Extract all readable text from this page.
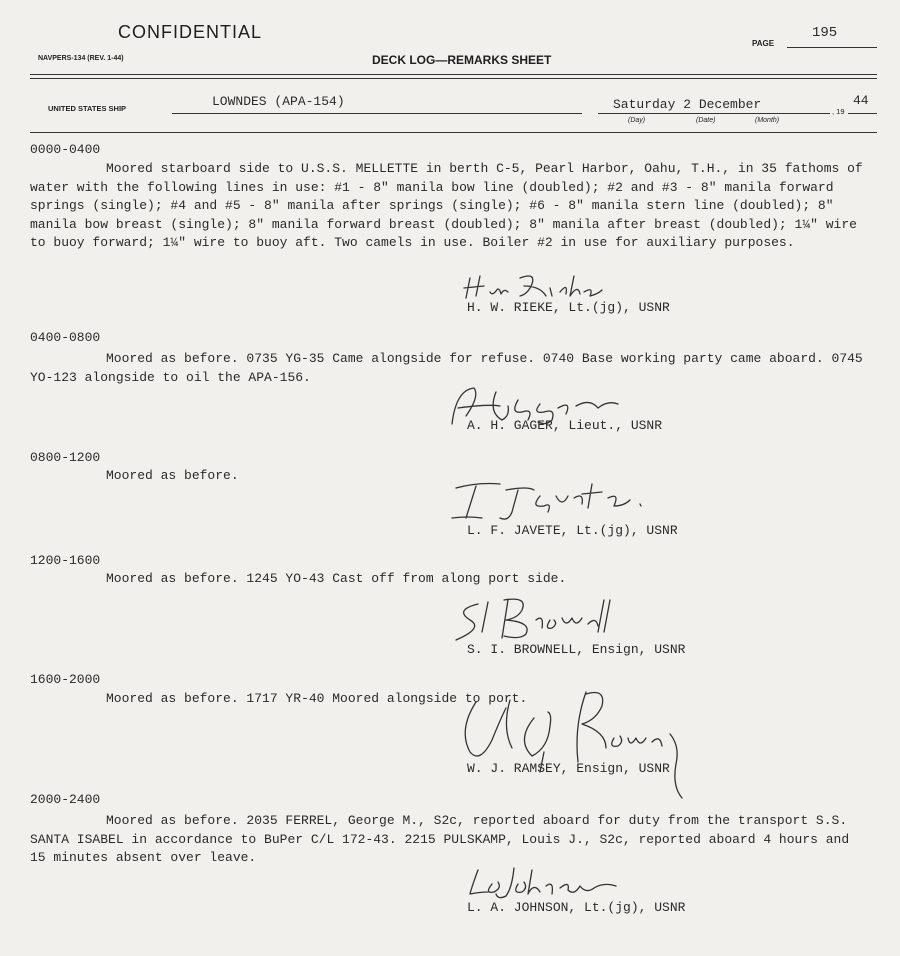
CONFIDENTIAL
NAVPERS-134 (REV. 1-44)	DECK LOG—REMARKS SHEET
PAGE
195
UNITED STATES SHIP	LOWNDES (APA-154)	Saturday 2 December
(Day)	(Date)	(Month)
, 19
44
0000-0400
Moored starboard side to U.S.S. MELLETTE in berth C-5, Pearl Harbor, Oahu, T.H., in 35 fathoms of water with the following lines in use: #1 - 8" manila bow line (doubled); #2 and #3 - 8" manila forward springs (single); #4 and #5 - 8" manila after springs (single); #6 - 8" manila stern line (doubled); 8" manila bow breast (single); 8" manila forward breast (doubled); 8" manila after breast (doubled); 1¼" wire to buoy forward; 1¼" wire to buoy aft. Two camels in use. Boiler #2 in use for auxiliary purposes.
H. W. RIEKE, Lt.(jg), USNR
0400-0800
Moored as before. 0735 YG-35 Came alongside for refuse. 0740 Base working party came aboard. 0745 YO-123 alongside to oil the APA-156.
A. H. GAGER, Lieut., USNR
0800-1200
Moored as before.
L. F. JAVETE, Lt.(jg), USNR
1200-1600
Moored as before. 1245 YO-43 Cast off from along port side.
S. I. BROWNELL, Ensign, USNR
1600-2000
Moored as before. 1717 YR-40 Moored alongside to port.
W. J. RAMSEY, Ensign, USNR
2000-2400
Moored as before. 2035 FERREL, George M., S2c, reported aboard for duty from the transport S.S. SANTA ISABEL in accordance to BuPer C/L 172-43. 2215 PULSKAMP, Louis J., S2c, reported aboard 4 hours and 15 minutes absent over leave.
L. A. JOHNSON, Lt.(jg), USNR
